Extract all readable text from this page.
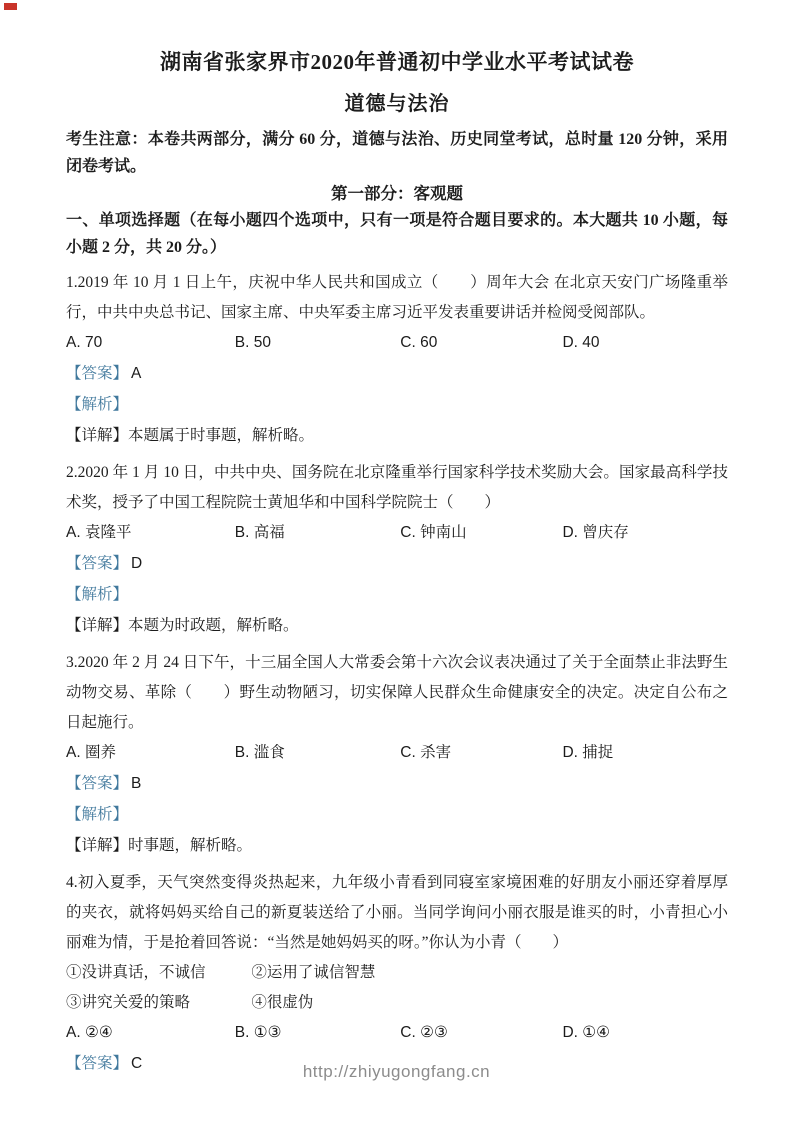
湖南省张家界市2020年普通初中学业水平考试试卷
道德与法治

考生注意：本卷共两部分，满分 60 分，道德与法治、历史同堂考试，总时量 120 分钟，采用闭卷考试。

第一部分：客观题

一、单项选择题（在每小题四个选项中，只有一项是符合题目要求的。本大题共 10 小题，每小题 2 分，共 20 分。）

1.2019 年 10 月 1 日上午，庆祝中华人民共和国成立（　　）周年大会 在北京天安门广场隆重举行，中共中央总书记、国家主席、中央军委主席习近平发表重要讲话并检阅受阅部队。

A. 70	B. 50	C. 60	D. 40

【答案】 A

【解析】

【详解】本题属于时事题，解析略。

2.2020 年 1 月 10 日，中共中央、国务院在北京隆重举行国家科学技术奖励大会。国家最高科学技术奖，授予了中国工程院院士黄旭华和中国科学院院士（　　）

A. 袁隆平	B. 高福	C. 钟南山	D. 曾庆存

【答案】 D

【解析】

【详解】本题为时政题，解析略。

3.2020 年 2 月 24 日下午，十三届全国人大常委会第十六次会议表决通过了关于全面禁止非法野生动物交易、革除（　　）野生动物陋习，切实保障人民群众生命健康安全的决定。决定自公布之日起施行。

A. 圈养	B. 滥食	C. 杀害	D. 捕捉

【答案】 B

【解析】

【详解】时事题，解析略。

4.初入夏季，天气突然变得炎热起来，九年级小青看到同寝室家境困难的好朋友小丽还穿着厚厚的夹衣，就将妈妈买给自己的新夏装送给了小丽。当同学询问小丽衣服是谁买的时，小青担心小丽难为情，于是抢着回答说：“当然是她妈妈买的呀。”你认为小青（　　）

①没讲真话，不诚信	②运用了诚信智慧
③讲究关爱的策略	④很虚伪
A. ②④	B. ①③	C. ②③	D. ①④

【答案】 C	http://zhiyugongfang.cn
